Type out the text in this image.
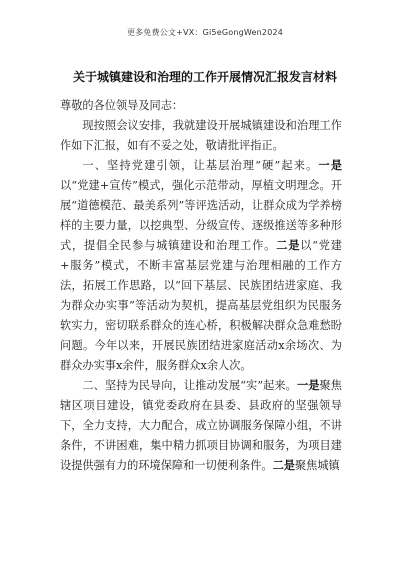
更多免费公文+VX：Gi5eGongWen2024
关于城镇建设和治理的工作开展情况汇报发言材料

尊敬的各位领导及同志：

现按照会议安排，我就建设开展城镇建设和治理工作作如下汇报，如有不妥之处，敬请批评指正。

一、坚持党建引领，让基层治理“硬”起来。一是以“党建+宣传”模式，强化示范带动，厚植文明理念。开展“道德模范、最美系列”等评选活动，让群众成为学养榜样的主要力量，以挖典型、分级宣传、逐级推送等多种形式，提倡全民参与城镇建设和治理工作。二是以“党建+服务”模式，不断丰富基层党建与治理相融的工作方法，拓展工作思路，以“回下基层、民族团结进家庭、我为群众办实事”等活动为契机，提高基层党组织为民服务软实力，密切联系群众的连心桥，积极解决群众急难愁盼问题。今年以来，开展民族团结进家庭活动x余场次、为群众办实事x余件，服务群众x余人次。

二、坚持为民导向，让推动发展“实”起来。一是聚焦辖区项目建设，镇党委政府在县委、县政府的坚强领导下，全力支持，大力配合，成立协调服务保障小组，不讲条件，不讲困难，集中精力抓项目协调和服务，为项目建设提供强有力的环境保障和一切便利条件。二是聚焦城镇
